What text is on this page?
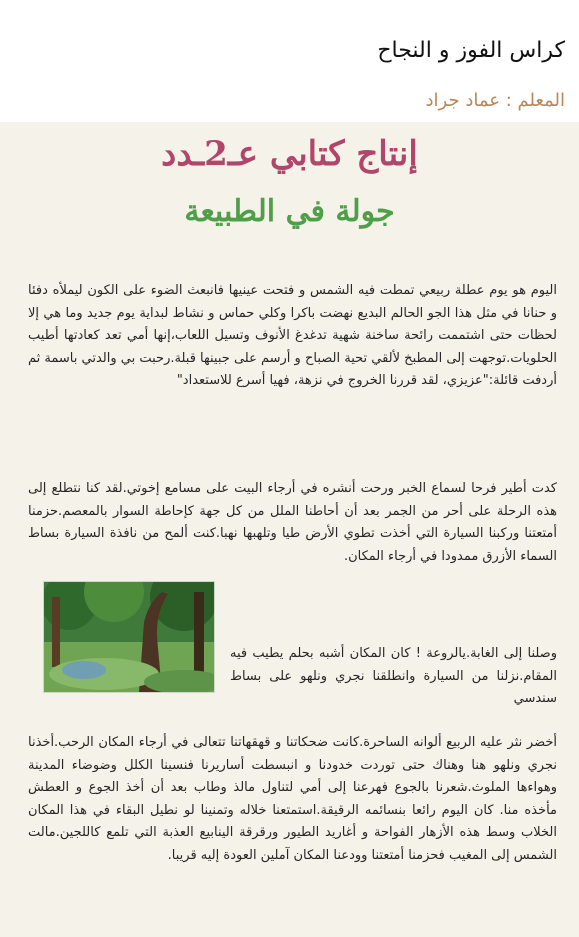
كراس الفوز و النجاح
المعلم : عماد جراد
إنتاج كتابي عـ2ـدد
جولة في الطبيعة

اليوم هو يوم عطلة ربيعي تمطت فيه الشمس و فتحت عينيها فانبعث الضوء على الكون ليملأه دفئا و حنانا في مثل هذا الجو الحالم البديع نهضت باكرا وكلي حماس و نشاط لبداية يوم جديد وما هي إلا لحظات حتى اشتممت رائحة ساخنة شهية تدغدغ الأنوف وتسيل اللعاب،إنها أمي تعد كعادتها أطيب الحلويات.توجهت إلى المطبخ لألقي تحية الصباح و أرسم على جبينها قبلة.رحبت بي والدتي باسمة ثم أردفت قائلة:"عزيزي، لقد قررنا الخروج في نزهة، فهيا أسرع للاستعداد"

كدت أطير فرحا لسماع الخبر ورحت أنشره في أرجاء البيت على مسامع إخوتي.لقد كنا نتطلع إلى هذه الرحلة على أحر من الجمر بعد أن أحاطنا الملل من كل جهة كإحاطة السوار بالمعصم.حزمنا أمتعتنا وركبنا السيارة التي أخذت تطوي الأرض طيا وتلهبها نهبا.كنت ألمح من نافذة السيارة بساط السماء الأزرق ممدودا في أرجاء المكان.

وصلنا إلى الغابة.يالروعة ! كان المكان أشبه بحلم يطيب فيه المقام.نزلنا من السيارة وانطلقنا نجري ونلهو على بساط سندسي

أخضر نثر عليه الربيع ألوانه الساحرة.كانت ضحكاتنا و قهقهاتنا تتعالى في أرجاء المكان الرحب.أخذنا نجري ونلهو هنا وهناك حتى توردت خدودنا و انبسطت أساريرنا فنسينا الكلل وضوضاء المدينة وهواءها الملوث.شعرنا بالجوع فهرعنا إلى أمي لتناول مالذ وطاب بعد أن أخذ الجوع و العطش مأخذه منا. كان اليوم رائعا بنسائمه الرقيقة.استمتعنا خلاله وتمنينا لو نطيل البقاء في هذا المكان الخلاب وسط هذه الأزهار الفواحة و أغاريد الطيور ورقرقة الينابيع العذبة التي تلمع كاللجين.مالت الشمس إلى المغيب فحزمنا أمتعتنا وودعنا المكان آملين العودة إليه قريبا.
